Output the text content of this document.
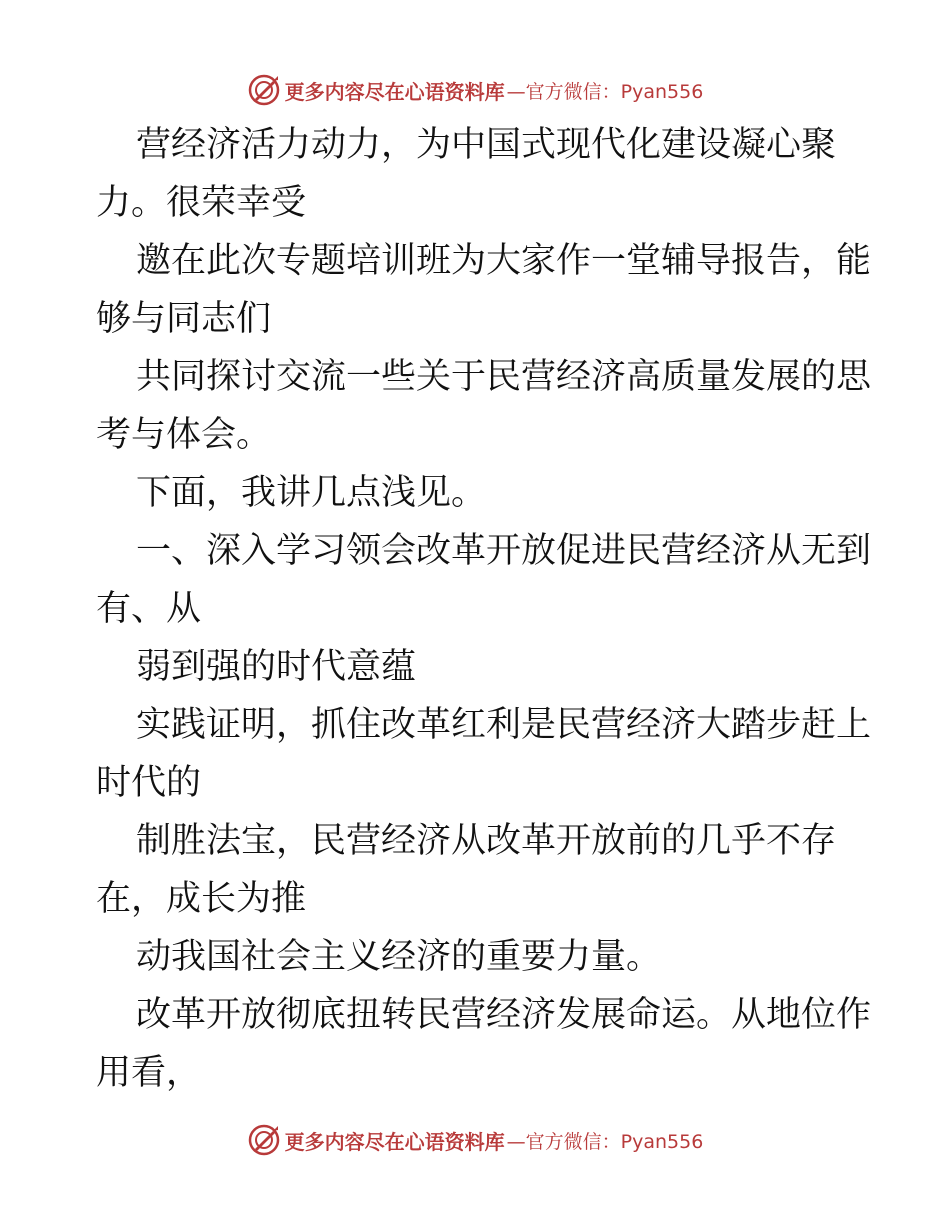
更多内容尽在心语资料库 —官方微信：Pyan556
营经济活力动力，为中国式现代化建设凝心聚
力。很荣幸受
邀在此次专题培训班为大家作一堂辅导报告，能
够与同志们
共同探讨交流一些关于民营经济高质量发展的思
考与体会。
下面，我讲几点浅见。
一、深入学习领会改革开放促进民营经济从无到
有、从
弱到强的时代意蕴
实践证明，抓住改革红利是民营经济大踏步赶上
时代的
制胜法宝，民营经济从改革开放前的几乎不存
在，成长为推
动我国社会主义经济的重要力量。
改革开放彻底扭转民营经济发展命运。从地位作
用看，
更多内容尽在心语资料库 —官方微信：Pyan556
